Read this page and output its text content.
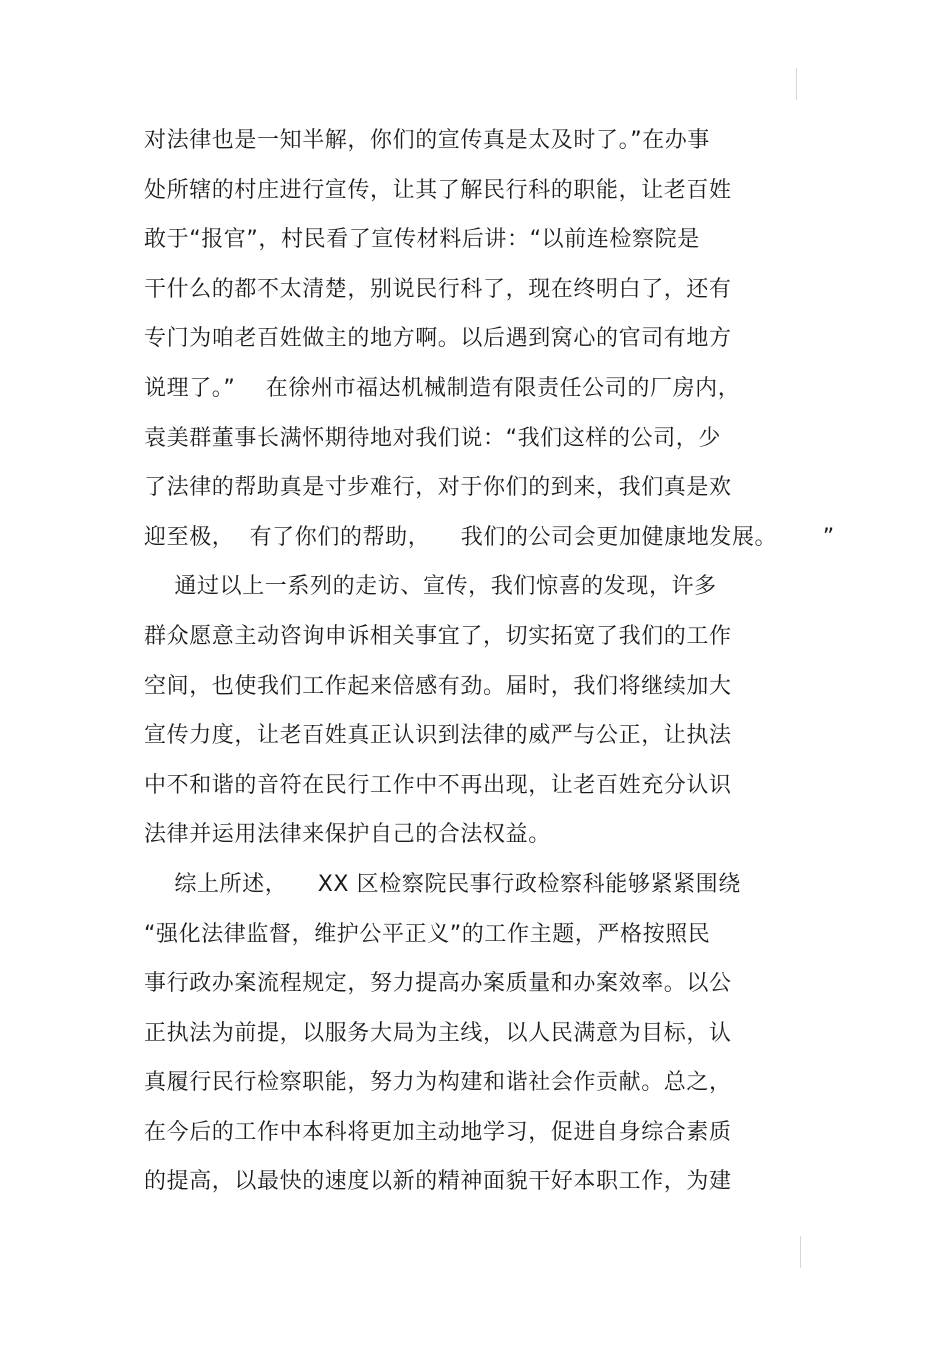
对法律也是一知半解，你们的宣传真是太及时了。”在办事
处所辖的村庄进行宣传，让其了解民行科的职能，让老百姓
敢于“报官”，村民看了宣传材料后讲：“以前连检察院是
干什么的都不太清楚，别说民行科了，现在终明白了，还有
专门为咱老百姓做主的地方啊。以后遇到窝心的官司有地方
说理了。”    在徐州市福达机械制造有限责任公司的厂房内，
袁美群董事长满怀期待地对我们说：“我们这样的公司，少
了法律的帮助真是寸步难行，对于你们的到来，我们真是欢
迎至极，  有了你们的帮助，    我们的公司会更加健康地发展。      ”
通过以上一系列的走访、宣传，我们惊喜的发现，许多
群众愿意主动咨询申诉相关事宜了，切实拓宽了我们的工作
空间，也使我们工作起来倍感有劲。届时，我们将继续加大
宣传力度，让老百姓真正认识到法律的威严与公正，让执法
中不和谐的音符在民行工作中不再出现，让老百姓充分认识
法律并运用法律来保护自己的合法权益。
综上所述，    XX 区检察院民事行政检察科能够紧紧围绕
“强化法律监督，维护公平正义”的工作主题，严格按照民
事行政办案流程规定，努力提高办案质量和办案效率。以公
正执法为前提，以服务大局为主线，以人民满意为目标，认
真履行民行检察职能，努力为构建和谐社会作贡献。总之，
在今后的工作中本科将更加主动地学习，促进自身综合素质
的提高，以最快的速度以新的精神面貌干好本职工作，为建
